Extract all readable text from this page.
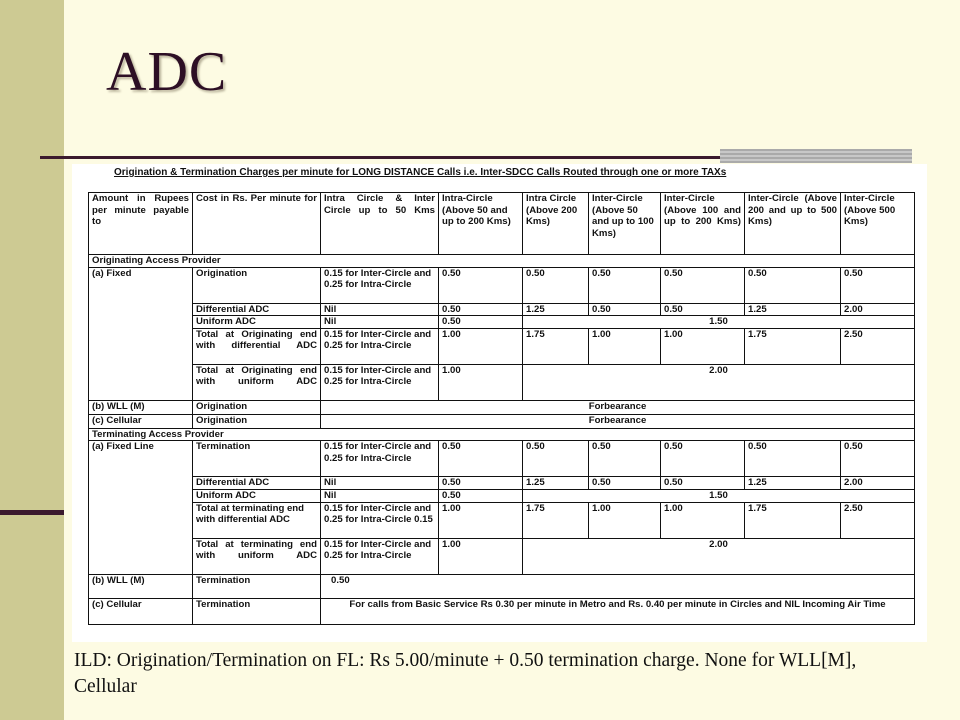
ADC
Origination & Termination Charges per minute for LONG DISTANCE Calls i.e. Inter-SDCC Calls Routed through one or more TAXs
Amount in Rupees per minute payable to	Cost in Rs. Per minute for	Intra Circle & Inter Circle up to 50 Kms	Intra-Circle (Above 50 and up to 200 Kms)	Intra Circle (Above 200 Kms)	Inter-Circle (Above 50 and up to 100 Kms)	Inter-Circle (Above 100 and up to 200 Kms)	Inter-Circle (Above 200 and up to 500 Kms)	Inter-Circle (Above 500 Kms)
Originating Access Provider								
(a) Fixed	Origination	0.15 for Inter-Circle and 0.25 for Intra-Circle	0.50	0.50	0.50	0.50	0.50	0.50
	Differential ADC	Nil	0.50	1.25	0.50	0.50	1.25	2.00
	Uniform ADC	Nil	0.50	1.50				
	Total at Originating end with differential ADC	0.15 for Inter-Circle and 0.25 for Intra-Circle	1.00	1.75	1.00	1.00	1.75	2.50
	Total at Originating end with uniform ADC	0.15 for Inter-Circle and 0.25 for Intra-Circle	1.00	2.00				
(b) WLL (M)	Origination	Forbearance						
(c) Cellular	Origination	Forbearance						
Terminating Access Provider								
(a) Fixed Line	Termination	0.15 for Inter-Circle and 0.25 for Intra-Circle	0.50	0.50	0.50	0.50	0.50	0.50
	Differential ADC	Nil	0.50	1.25	0.50	0.50	1.25	2.00
	Uniform ADC	Nil	0.50	1.50				
	Total at terminating end with differential ADC	0.15 for Inter-Circle and 0.25 for Intra-Circle 0.15	1.00	1.75	1.00	1.00	1.75	2.50
	Total at terminating end with uniform ADC	0.15 for Inter-Circle and 0.25 for Intra-Circle	1.00	2.00				
(b) WLL (M)	Termination	0.50						
(c) Cellular	Termination	For calls from Basic Service Rs 0.30 per minute in Metro and Rs. 0.40 per minute in Circles and NIL Incoming Air Time						
ILD: Origination/Termination on FL: Rs 5.00/minute + 0.50 termination charge. None for WLL[M], Cellular
